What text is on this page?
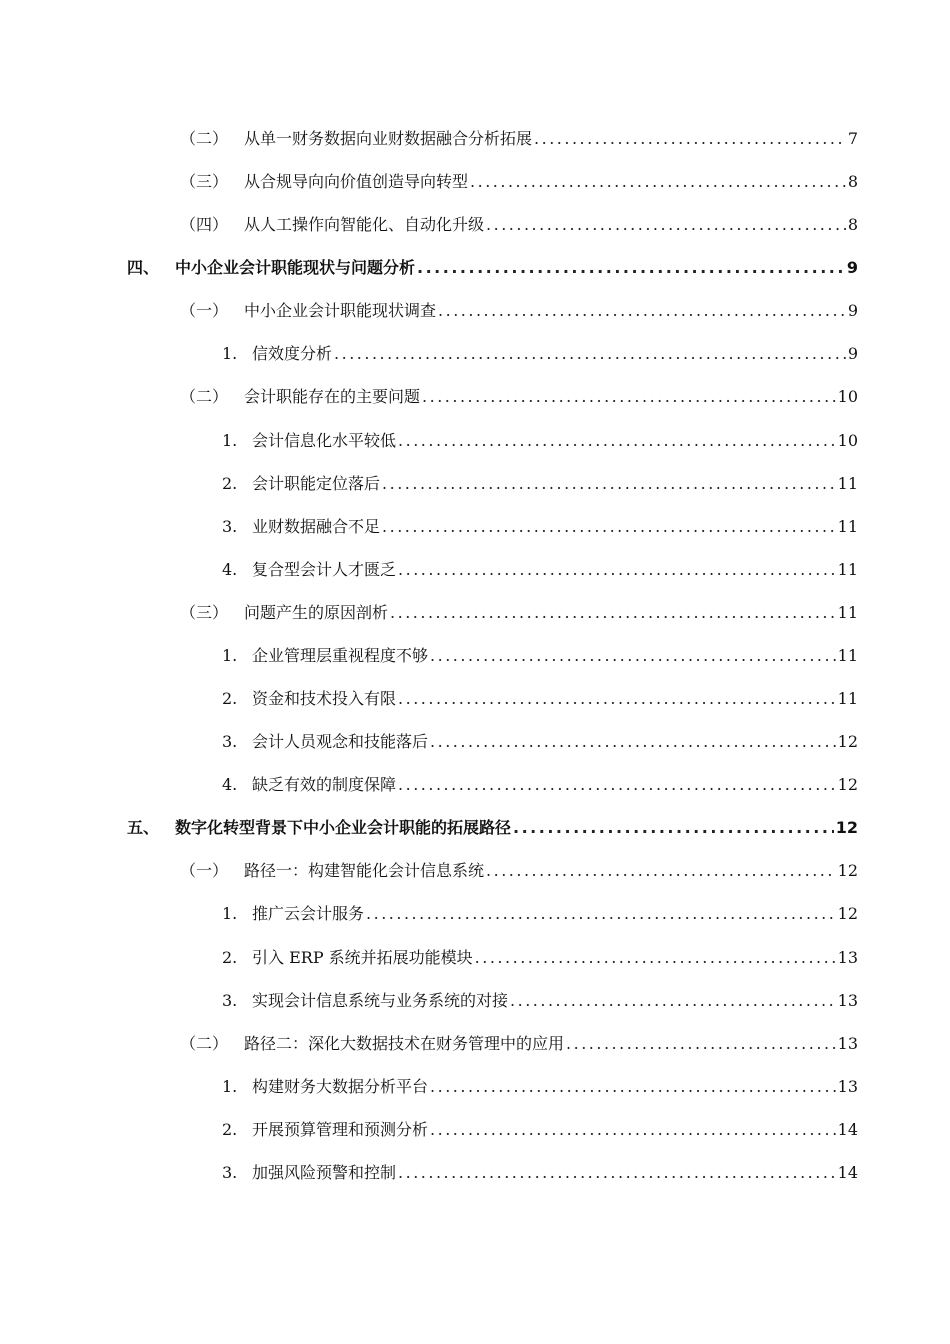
（二） 从单一财务数据向业财数据融合分析拓展 .....	7
（三） 从合规导向向价值创造导向转型 .....	8
（四） 从人工操作向智能化、自动化升级 .....	8
四、 中小企业会计职能现状与问题分析 .....	9
（一） 中小企业会计职能现状调查 .....	9
1. 信效度分析 .....	9
（二） 会计职能存在的主要问题 .....	10
1. 会计信息化水平较低 .....	10
2. 会计职能定位落后 .....	11
3. 业财数据融合不足 .....	11
4. 复合型会计人才匮乏 .....	11
（三） 问题产生的原因剖析 .....	11
1. 企业管理层重视程度不够 .....	11
2. 资金和技术投入有限 .....	11
3. 会计人员观念和技能落后 .....	12
4. 缺乏有效的制度保障 .....	12
五、 数字化转型背景下中小企业会计职能的拓展路径 .....	12
（一） 路径一：构建智能化会计信息系统 .....	12
1. 推广云会计服务 .....	12
2. 引入 ERP 系统并拓展功能模块 .....	13
3. 实现会计信息系统与业务系统的对接 .....	13
（二） 路径二：深化大数据技术在财务管理中的应用 .....	13
1. 构建财务大数据分析平台 .....	13
2. 开展预算管理和预测分析 .....	14
3. 加强风险预警和控制 .....	14
